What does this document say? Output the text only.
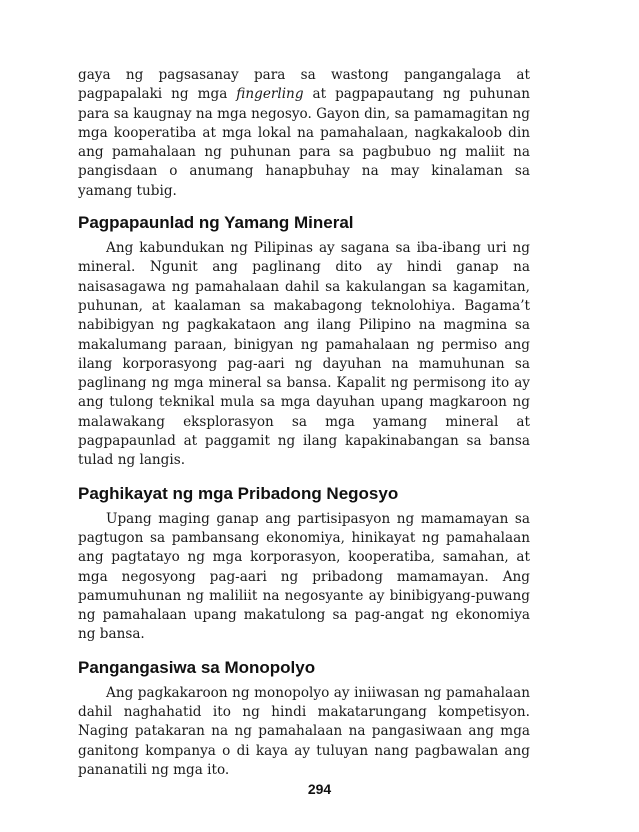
gaya ng pagsasanay para sa wastong pangangalaga at pagpapalaki ng mga fingerling at pagpapautang ng puhunan para sa kaugnay na mga negosyo. Gayon din, sa pamamagitan ng mga kooperatiba at mga lokal na pamahalaan, nagkakaloob din ang pamahalaan ng puhunan para sa pagbubuo ng maliit na pangisdaan o anumang hanapbuhay na may kinalaman sa yamang tubig.

Pagpapaunlad ng Yamang Mineral

Ang kabundukan ng Pilipinas ay sagana sa iba-ibang uri ng mineral. Ngunit ang paglinang dito ay hindi ganap na naisasagawa ng pamahalaan dahil sa kakulangan sa kagamitan, puhunan, at kaalaman sa makabagong teknolohiya. Bagama’t nabibigyan ng pagkakataon ang ilang Pilipino na magmina sa makalumang paraan, binigyan ng pamahalaan ng permiso ang ilang korporasyong pag-aari ng dayuhan na mamuhunan sa paglinang ng mga mineral sa bansa. Kapalit ng permisong ito ay ang tulong teknikal mula sa mga dayuhan upang magkaroon ng malawakang eksplorasyon sa mga yamang mineral at pagpapaunlad at paggamit ng ilang kapakinabangan sa bansa tulad ng langis.

Paghikayat ng mga Pribadong Negosyo

Upang maging ganap ang partisipasyon ng mamamayan sa pagtugon sa pambansang ekonomiya, hinikayat ng pamahalaan ang pagtatayo ng mga korporasyon, kooperatiba, samahan, at mga negosyong pag-aari ng pribadong mamamayan. Ang pamumuhunan ng maliliit na negosyante ay binibigyang-puwang ng pamahalaan upang makatulong sa pag-angat ng ekonomiya ng bansa.

Pangangasiwa sa Monopolyo

Ang pagkakaroon ng monopolyo ay iniiwasan ng pamahalaan dahil naghahatid ito ng hindi makatarungang kompetisyon. Naging patakaran na ng pamahalaan na pangasiwaan ang mga ganitong kompanya o di kaya ay tuluyan nang pagbawalan ang pananatili ng mga ito.

294
